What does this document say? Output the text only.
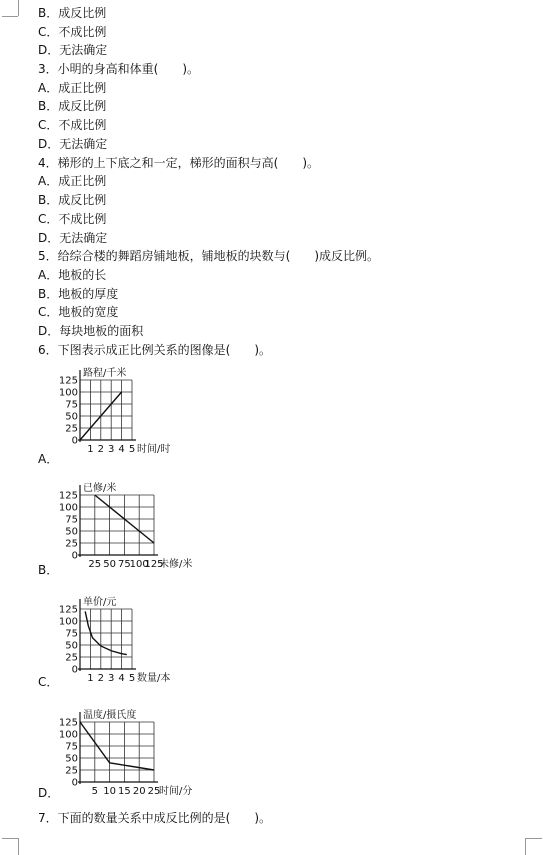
B．成反比例
C．不成比例
D．无法确定
3．小明的身高和体重(　　)。
A．成正比例
B．成反比例
C．不成比例
D．无法确定
4．梯形的上下底之和一定，梯形的面积与高(　　)。
A．成正比例
B．成反比例
C．不成比例
D．无法确定
5．给综合楼的舞蹈房铺地板，铺地板的块数与(　　)成反比例。
A．地板的长
B．地板的厚度
C．地板的宽度
D．每块地板的面积
6．下图表示成正比例关系的图像是(　　)。
A．
B．
C．
D．
0
25
50
75
100
125
1 2 3 4 5
路程/千米
时间/时
0
25
50
75
100
125
25 50 75
100
125
已修/米
未修/米
0
25
50
75
100
125
1 2 3 4 5
单价/元
数量/本
0
25
50
75
100
125
5 10 15 20 25
温度/摄氏度
时间/分
7．下面的数量关系中成反比例的是(　　)。
